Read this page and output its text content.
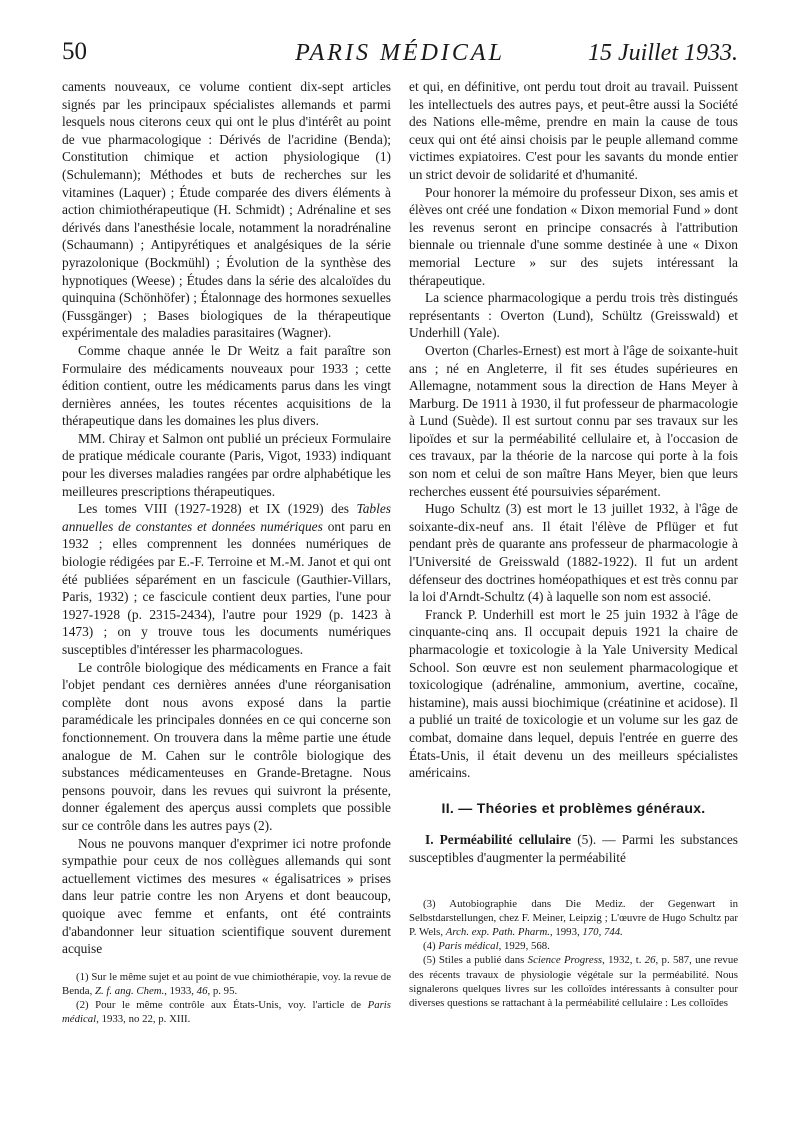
50	PARIS MÉDICAL	15 Juillet 1933.

caments nouveaux, ce volume contient dix-sept articles signés par les principaux spécialistes allemands et parmi lesquels nous citerons ceux qui ont le plus d'intérêt au point de vue pharmacologique : Dérivés de l'acridine (Benda); Constitution chimique et action physiologique (1) (Schulemann); Méthodes et buts de recherches sur les vitamines (Laquer) ; Étude comparée des divers éléments à action chimiothérapeutique (H. Schmidt) ; Adrénaline et ses dérivés dans l'anesthésie locale, notamment la noradrénaline (Schaumann) ; Antipyrétiques et analgésiques de la série pyrazolonique (Bockmühl) ; Évolution de la synthèse des hypnotiques (Weese) ; Études dans la série des alcaloïdes du quinquina (Schönhöfer) ; Étalonnage des hormones sexuelles (Fussgänger) ; Bases biologiques de la thérapeutique expérimentale des maladies parasitaires (Wagner).

Comme chaque année le Dr Weitz a fait paraître son Formulaire des médicaments nouveaux pour 1933 ; cette édition contient, outre les médicaments parus dans les vingt dernières années, les toutes récentes acquisitions de la thérapeutique dans les domaines les plus divers.

MM. Chiray et Salmon ont publié un précieux Formulaire de pratique médicale courante (Paris, Vigot, 1933) indiquant pour les diverses maladies rangées par ordre alphabétique les meilleures prescriptions thérapeutiques.

Les tomes VIII (1927-1928) et IX (1929) des Tables annuelles de constantes et données numériques ont paru en 1932 ; elles comprennent les données numériques de biologie rédigées par E.-F. Terroine et M.-M. Janot et qui ont été publiées séparément en un fascicule (Gauthier-Villars, Paris, 1932) ; ce fascicule contient deux parties, l'une pour 1927-1928 (p. 2315-2434), l'autre pour 1929 (p. 1423 à 1473) ; on y trouve tous les documents numériques susceptibles d'intéresser les pharmacologues.

Le contrôle biologique des médicaments en France a fait l'objet pendant ces dernières années d'une réorganisation complète dont nous avons exposé dans la partie paramédicale les principales données en ce qui concerne son fonctionnement. On trouvera dans la même partie une étude analogue de M. Cahen sur le contrôle biologique des substances médicamenteuses en Grande-Bretagne. Nous pensons pouvoir, dans les revues qui suivront la présente, donner également des aperçus aussi complets que possible sur ce contrôle dans les autres pays (2).

Nous ne pouvons manquer d'exprimer ici notre profonde sympathie pour ceux de nos collègues allemands qui sont actuellement victimes des mesures « égalisatrices » prises dans leur patrie contre les non Aryens et dont beaucoup, quoique avec femme et enfants, ont été contraints d'abandonner leur situation scientifique souvent durement acquise

(1) Sur le même sujet et au point de vue chimiothérapie, voy. la revue de Benda, Z. f. ang. Chem., 1933, 46, p. 95.

(2) Pour le même contrôle aux États-Unis, voy. l'article de Paris médical, 1933, no 22, p. XIII.

et qui, en définitive, ont perdu tout droit au travail. Puissent les intellectuels des autres pays, et peut-être aussi la Société des Nations elle-même, prendre en main la cause de tous ceux qui ont été ainsi choisis par le peuple allemand comme victimes expiatoires. C'est pour les savants du monde entier un strict devoir de solidarité et d'humanité.

Pour honorer la mémoire du professeur Dixon, ses amis et élèves ont créé une fondation « Dixon memorial Fund » dont les revenus seront en principe consacrés à l'attribution biennale ou triennale d'une somme destinée à une « Dixon memorial Lecture » sur des sujets intéressant la thérapeutique.

La science pharmacologique a perdu trois très distingués représentants : Overton (Lund), Schültz (Greisswald) et Underhill (Yale).

Overton (Charles-Ernest) est mort à l'âge de soixante-huit ans ; né en Angleterre, il fit ses études supérieures en Allemagne, notamment sous la direction de Hans Meyer à Marburg. De 1911 à 1930, il fut professeur de pharmacologie à Lund (Suède). Il est surtout connu par ses travaux sur les lipoïdes et sur la perméabilité cellulaire et, à l'occasion de ces travaux, par la théorie de la narcose qui porte à la fois son nom et celui de son maître Hans Meyer, bien que leurs recherches eussent été poursuivies séparément.

Hugo Schultz (3) est mort le 13 juillet 1932, à l'âge de soixante-dix-neuf ans. Il était l'élève de Pflüger et fut pendant près de quarante ans professeur de pharmacologie à l'Université de Greisswald (1882-1922). Il fut un ardent défenseur des doctrines homéopathiques et est très connu par la loi d'Arndt-Schultz (4) à laquelle son nom est associé.

Franck P. Underhill est mort le 25 juin 1932 à l'âge de cinquante-cinq ans. Il occupait depuis 1921 la chaire de pharmacologie et toxicologie à la Yale University Medical School. Son œuvre est non seulement pharmacologique et toxicologique (adrénaline, ammonium, avertine, cocaïne, histamine), mais aussi biochimique (créatinine et acidose). Il a publié un traité de toxicologie et un volume sur les gaz de combat, domaine dans lequel, depuis l'entrée en guerre des États-Unis, il était devenu un des meilleurs spécialistes américains.

II. — Théories et problèmes généraux.

I. Perméabilité cellulaire (5). — Parmi les substances susceptibles d'augmenter la perméabilité

(3) Autobiographie dans Die Mediz. der Gegenwart in Selbstdarstellungen, chez F. Meiner, Leipzig ; L'œuvre de Hugo Schultz par P. Wels, Arch. exp. Path. Pharm., 1993, 170, 744.

(4) Paris médical, 1929, 568.

(5) Stiles a publié dans Science Progress, 1932, t. 26, p. 587, une revue des récents travaux de physiologie végétale sur la perméabilité. Nous signalerons quelques livres sur les colloïdes intéressants à consulter pour diverses questions se rattachant à la perméabilité cellulaire : Les colloïdes
